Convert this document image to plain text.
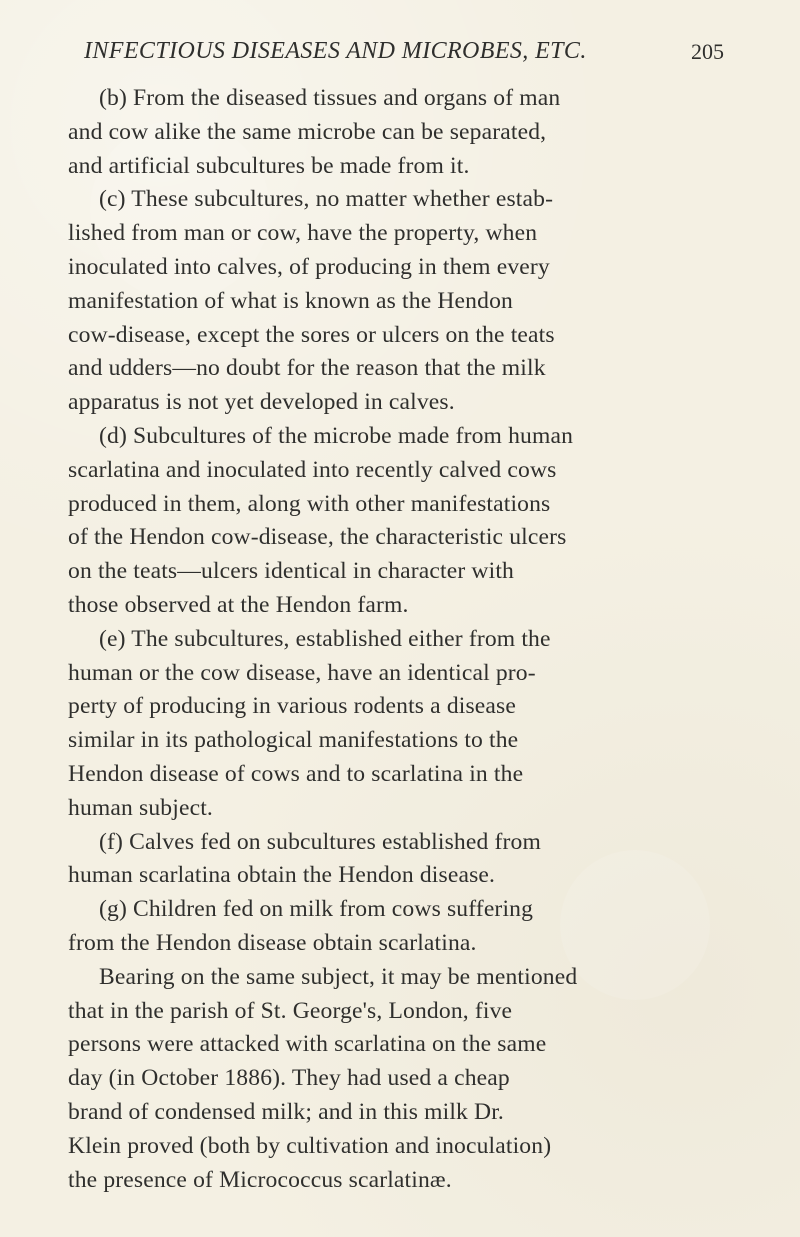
INFECTIOUS DISEASES AND MICROBES, ETC.	205
(b) From the diseased tissues and organs of man
and cow alike the same microbe can be separated,
and artificial subcultures be made from it.
(c) These subcultures, no matter whether estab-
lished from man or cow, have the property, when
inoculated into calves, of producing in them every
manifestation of what is known as the Hendon
cow-disease, except the sores or ulcers on the teats
and udders—no doubt for the reason that the milk
apparatus is not yet developed in calves.
(d) Subcultures of the microbe made from human
scarlatina and inoculated into recently calved cows
produced in them, along with other manifestations
of the Hendon cow-disease, the characteristic ulcers
on the teats—ulcers identical in character with
those observed at the Hendon farm.
(e) The subcultures, established either from the
human or the cow disease, have an identical pro-
perty of producing in various rodents a disease
similar in its pathological manifestations to the
Hendon disease of cows and to scarlatina in the
human subject.
(f) Calves fed on subcultures established from
human scarlatina obtain the Hendon disease.
(g) Children fed on milk from cows suffering
from the Hendon disease obtain scarlatina.
Bearing on the same subject, it may be mentioned
that in the parish of St. George's, London, five
persons were attacked with scarlatina on the same
day (in October 1886). They had used a cheap
brand of condensed milk; and in this milk Dr.
Klein proved (both by cultivation and inoculation)
the presence of Micrococcus scarlatinæ.
